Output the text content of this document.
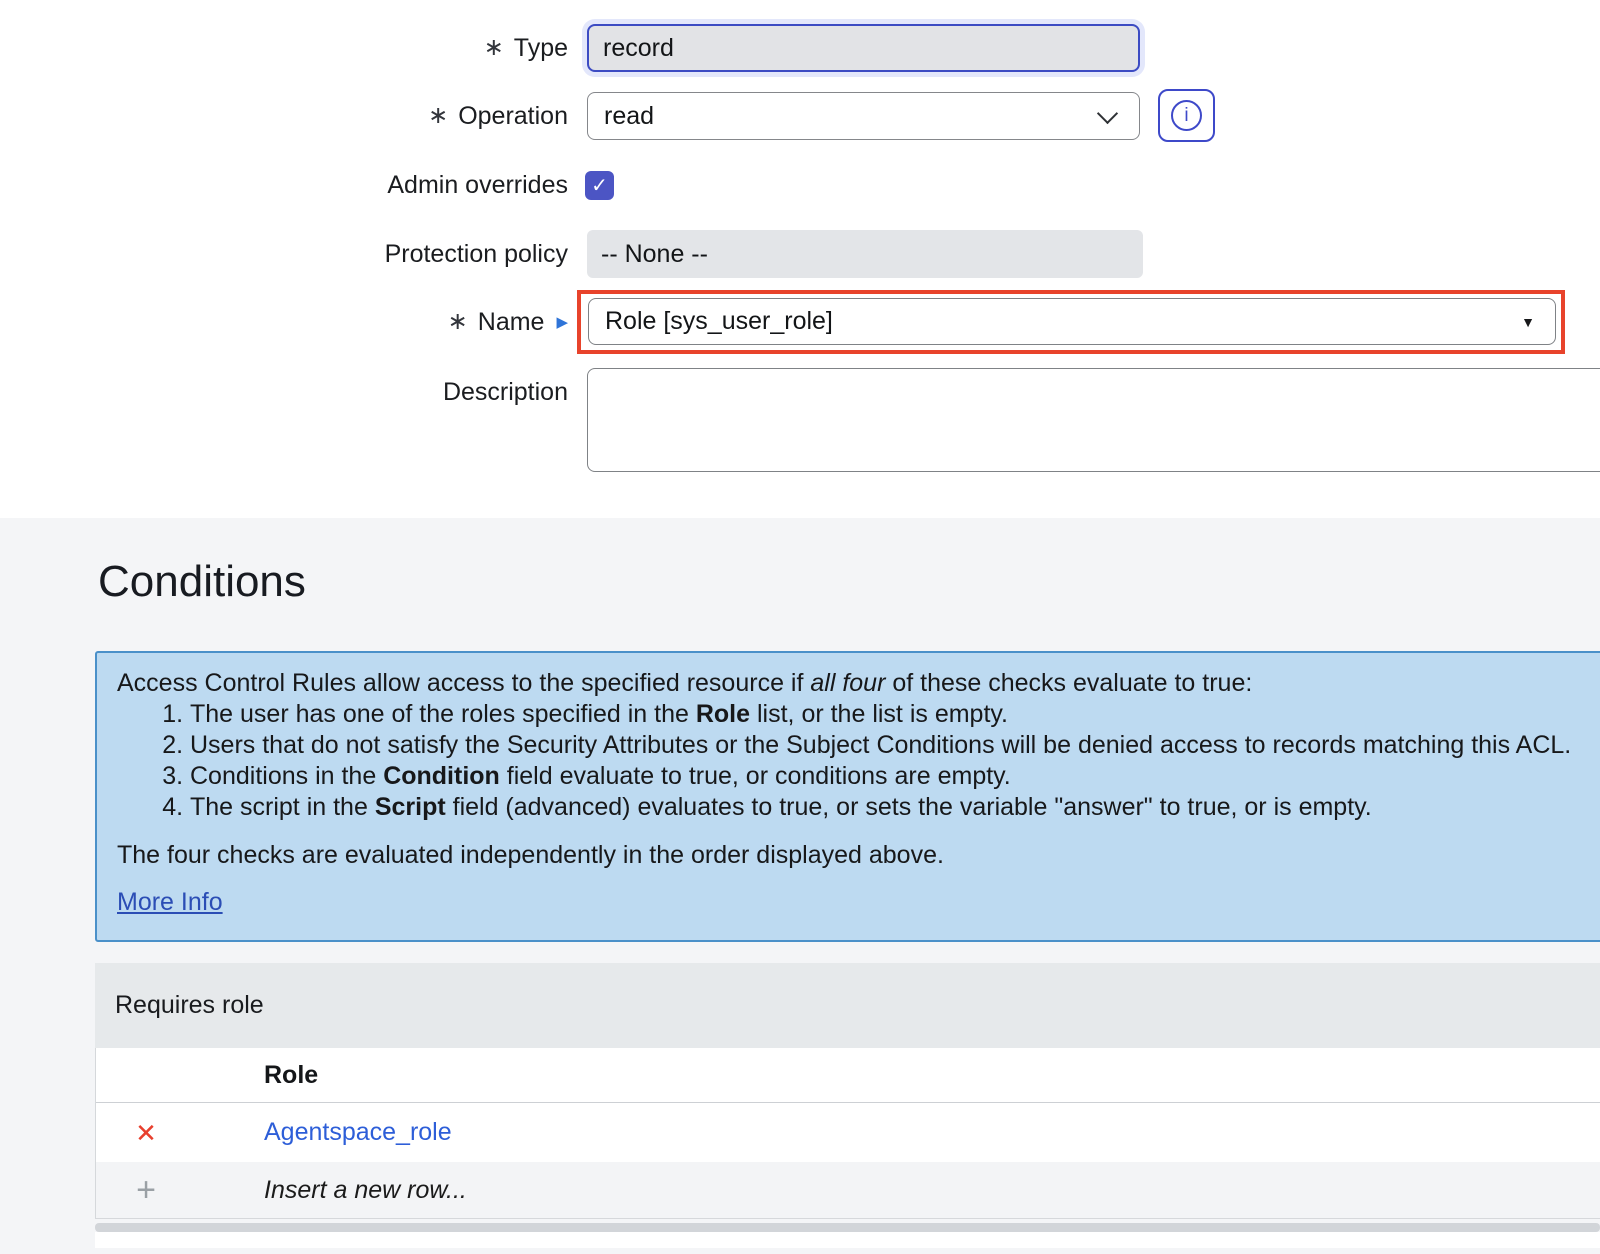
∗ Type record
∗ Operation read	i
Admin overrides ✓
Protection policy -- None --
∗ Name ▶ Role [sys_user_role]	▼
Description
Conditions

Access Control Rules allow access to the specified resource if all four of these checks evaluate to true:

1. The user has one of the roles specified in the Role list, or the list is empty.
2. Users that do not satisfy the Security Attributes or the Subject Conditions will be denied access to records matching this ACL.
3. Conditions in the Condition field evaluate to true, or conditions are empty.
4. The script in the Script field (advanced) evaluates to true, or sets the variable "answer" to true, or is empty.

The four checks are evaluated independently in the order displayed above.

More Info
Requires role
Role
✕	Agentspace_role
+	Insert a new row...
